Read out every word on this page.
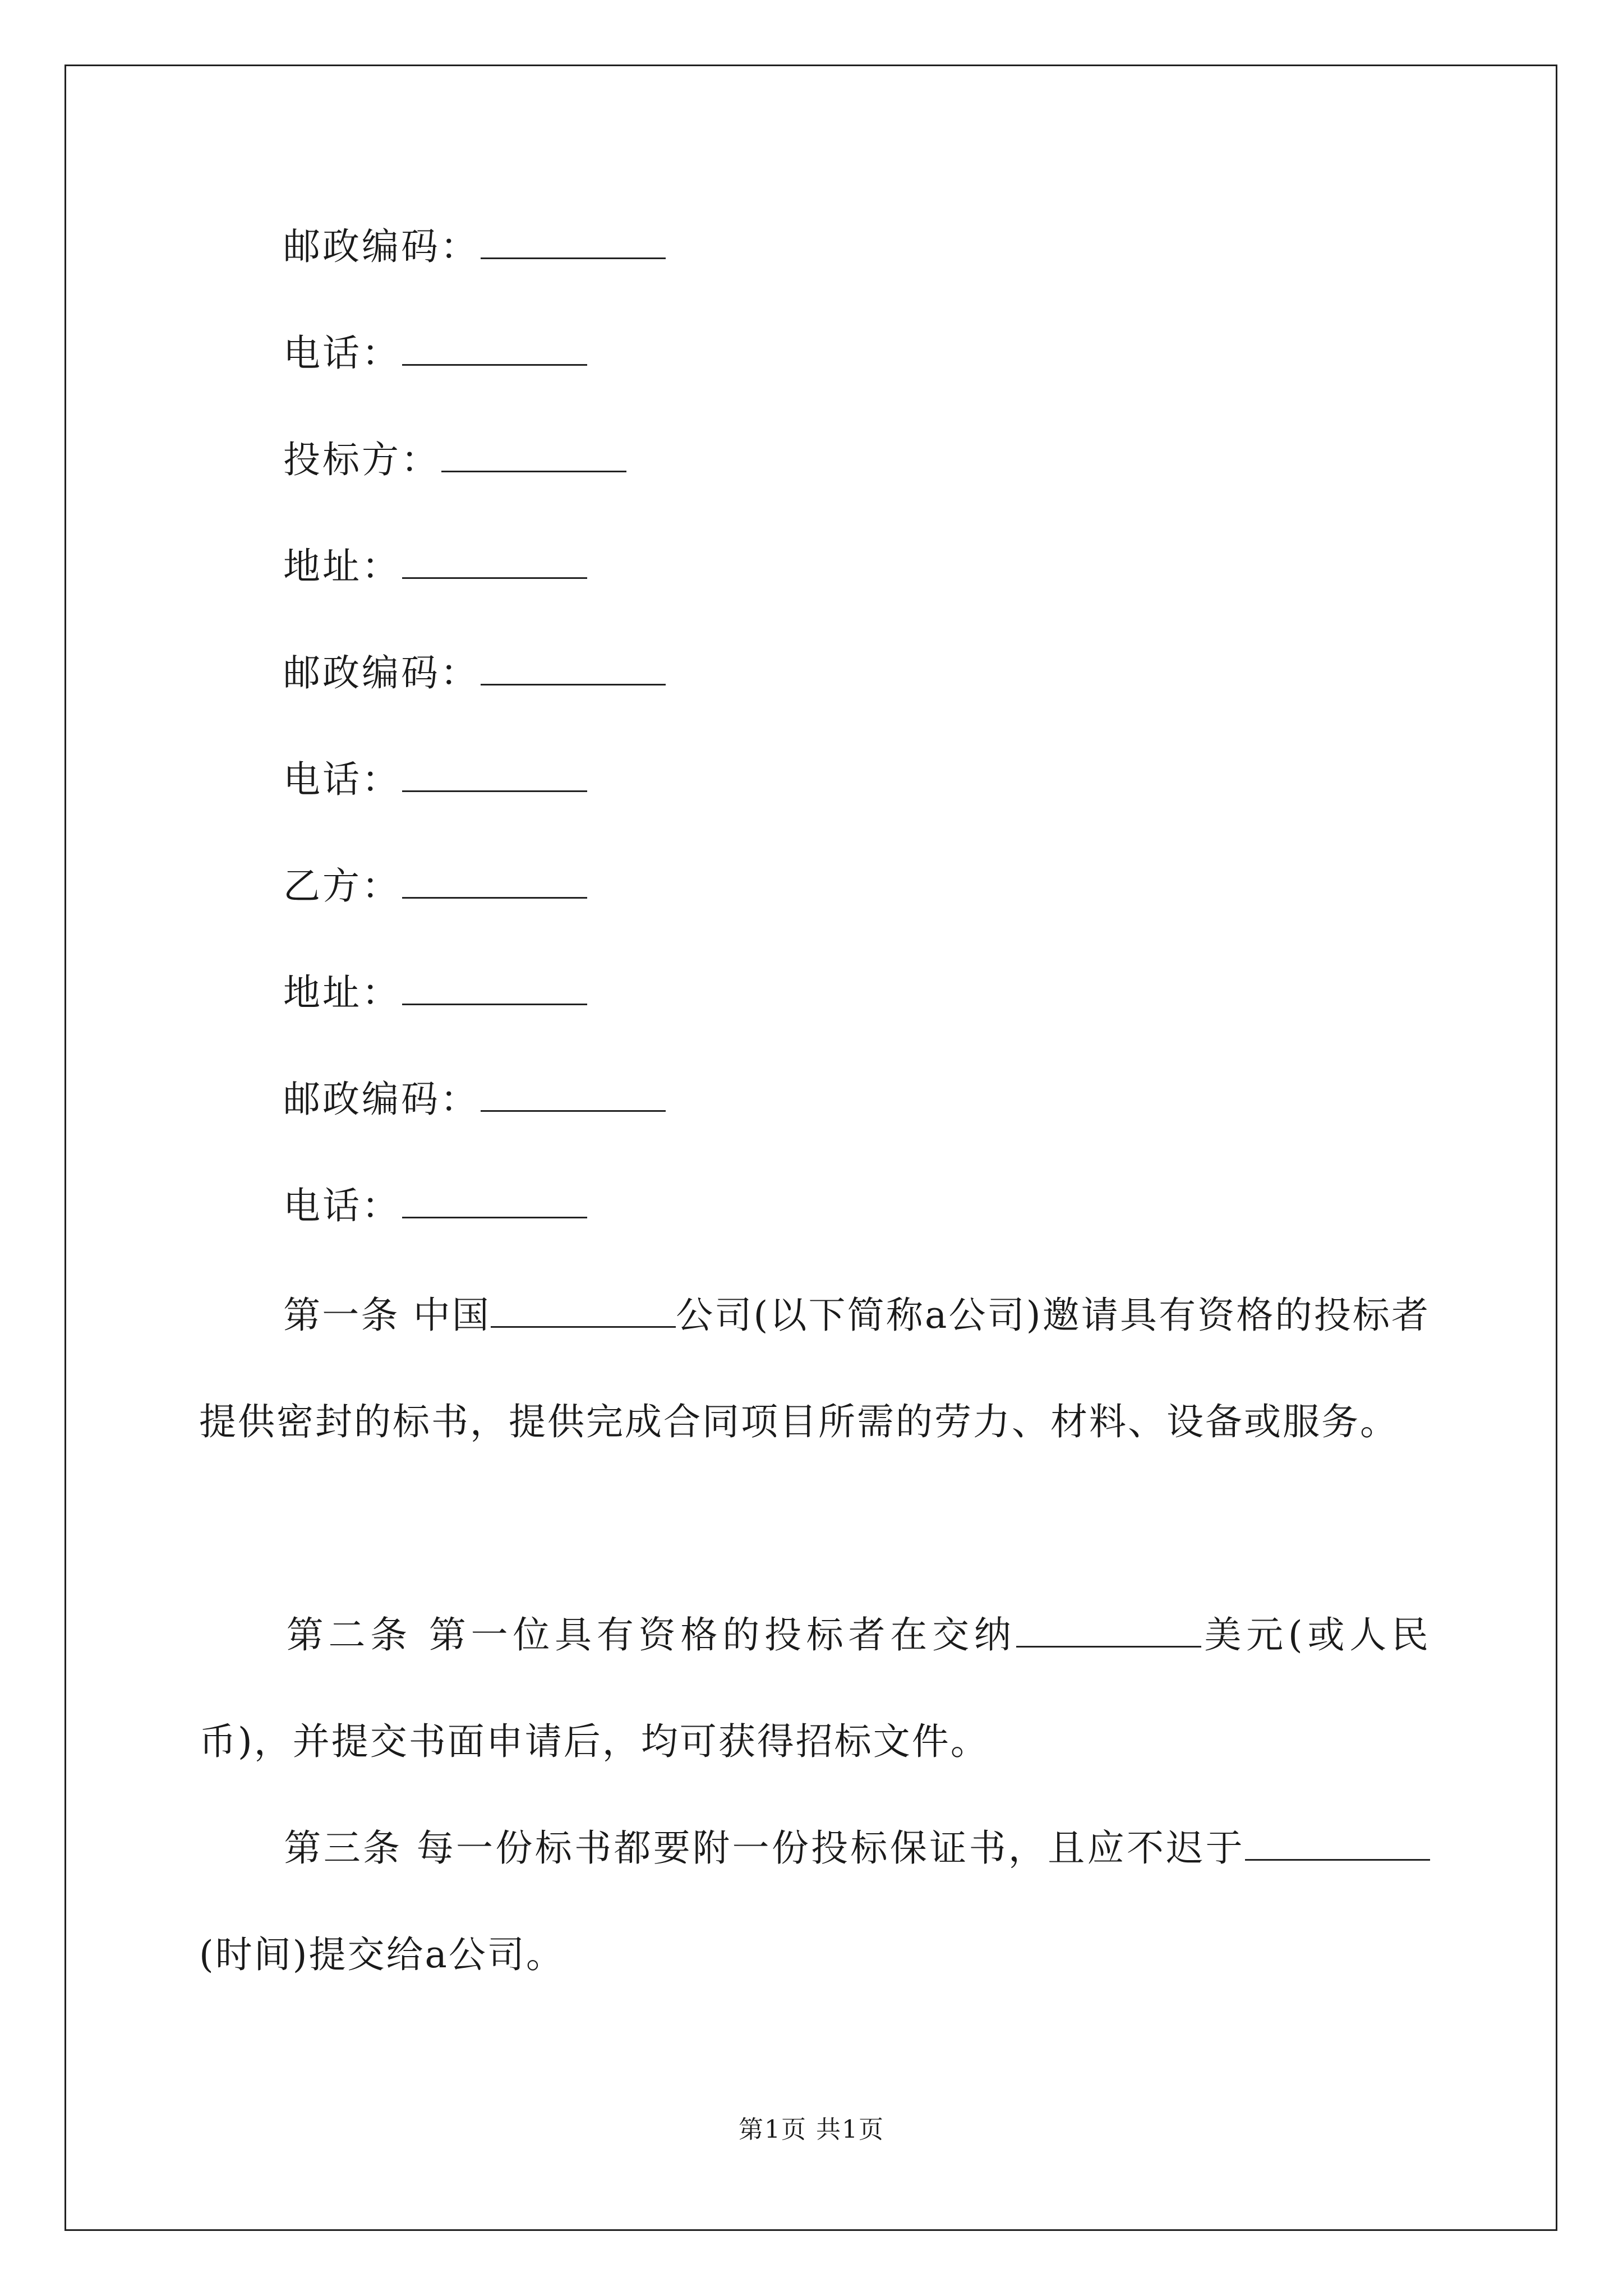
邮政编码：
电话：
投标方：
地址：
邮政编码：
电话：
乙方：
地址：
邮政编码：
电话：
第一条 中国	公司(以下简称a公司)邀请具有资格的投标者提供密封的标书，提供完成合同项目所需的劳力、材料、设备或服务。
第二条 第一位具有资格的投标者在交纳	美元(或人民币)，并提交书面申请后，均可获得招标文件。
第三条 每一份标书都要附一份投标保证书，且应不迟于(时间)提交给a公司。
第1页 共1页
